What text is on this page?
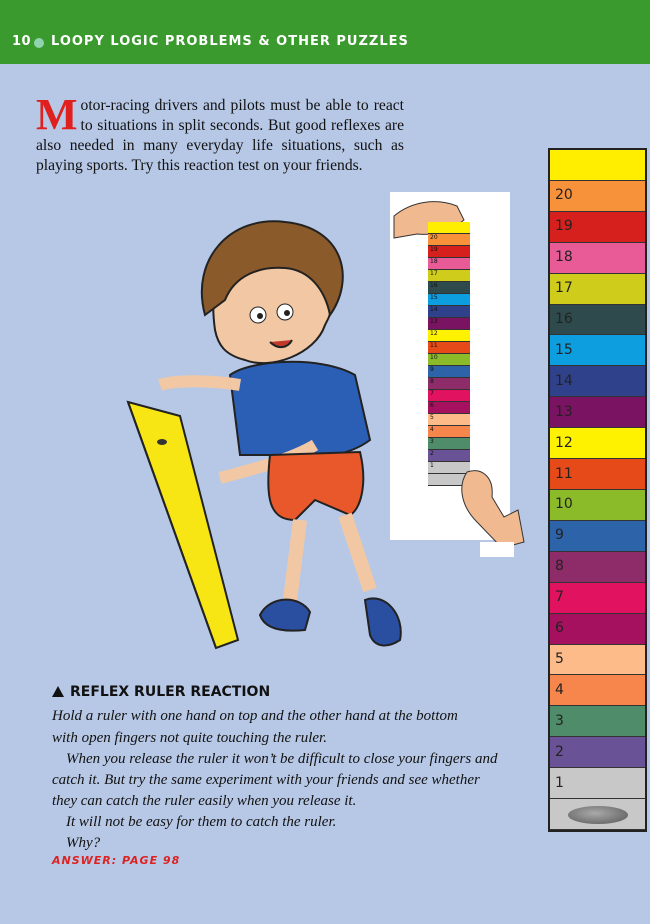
10 LOOPY LOGIC PROBLEMS & OTHER PUZZLES
Motor-racing drivers and pilots must be able to react to situations in split seconds. But good reflexes are also needed in many everyday life situations, such as playing sports. Try this reaction test on your friends.
20
19
18
17
16
15
14
13
12
11
10
9
8
7
6
5
4
3
2
1
20
19
18
17
16
15
14
13
12
11
10
9
8
7
6
5
4
3
2
1
REFLEX RULER REACTION

Hold a ruler with one hand on top and the other hand at the bottom

with open fingers not quite touching the ruler.

When you release the ruler it won’t be difficult to close your fingers and

catch it. But try the same experiment with your friends and see whether

they can catch the ruler easily when you release it.

It will not be easy for them to catch the ruler.

Why?

ANSWER: PAGE 98
